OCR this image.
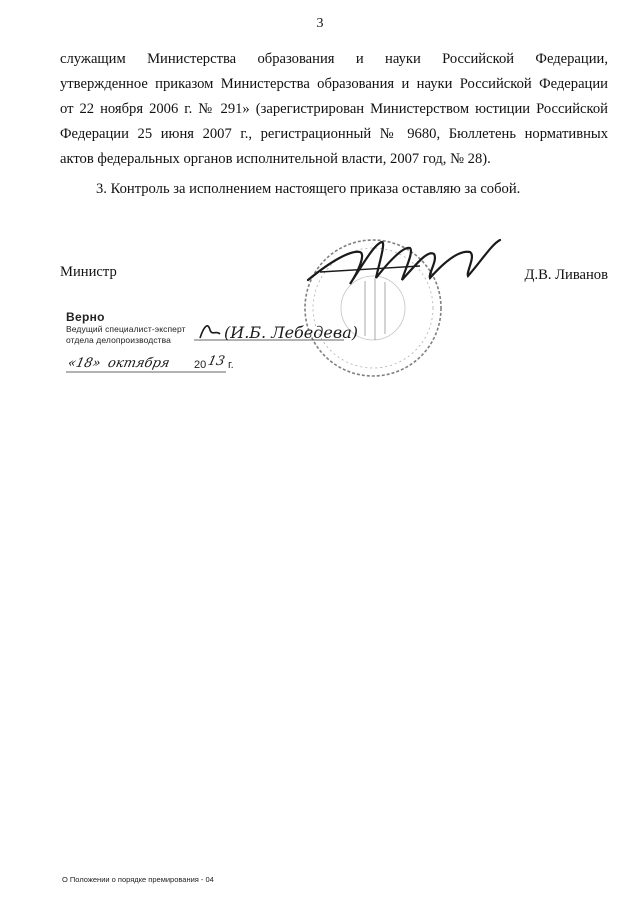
3
служащим Министерства образования и науки Российской Федерации,
утвержденное приказом Министерства образования и науки Российской Федерации
от 22 ноября 2006 г. № 291» (зарегистрирован Министерством юстиции Российской
Федерации 25 июня 2007 г., регистрационный № 9680, Бюллетень нормативных
актов федеральных органов исполнительной власти, 2007 год, № 28).
3. Контроль за исполнением настоящего приказа оставляю за собой.
Министр	Д.В. Ливанов
Верно
Ведущий специалист-эксперт
отдела делопроизводства	(И.Б. Лебедева)
«18» октября 20 13 г.
О Положении о порядке премирования - 04
